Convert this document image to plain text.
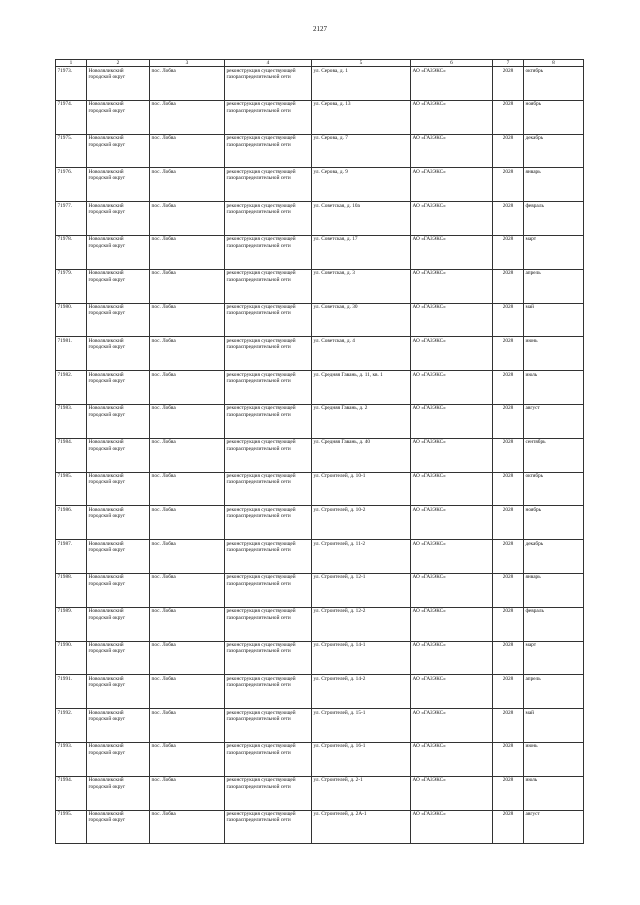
2127
1	2	3	4	5	6	7	8
71973.	Новоляликский городской округ	пос. Лобва	реконструкция существующей газораспределительной сети	ул. Серова, д. 1	АО «ГАЗЭКС»	2028	октябрь
71974.	Новоляликский городской округ	пос. Лобва	реконструкция существующей газораспределительной сети	ул. Серова, д. 13	АО «ГАЗЭКС»	2028	ноябрь
71975.	Новоляликский городской округ	пос. Лобва	реконструкция существующей газораспределительной сети	ул. Серова, д. 7	АО «ГАЗЭКС»	2028	декабрь
71976.	Новоляликский городской округ	пос. Лобва	реконструкция существующей газораспределительной сети	ул. Серова, д. 9	АО «ГАЗЭКС»	2028	январь
71977.	Новоляликский городской округ	пос. Лобва	реконструкция существующей газораспределительной сети	ул. Советская, д. 10а	АО «ГАЗЭКС»	2028	февраль
71978.	Новоляликский городской округ	пос. Лобва	реконструкция существующей газораспределительной сети	ул. Советская, д. 17	АО «ГАЗЭКС»	2028	март
71979.	Новоляликский городской округ	пос. Лобва	реконструкция существующей газораспределительной сети	ул. Советская, д. 3	АО «ГАЗЭКС»	2028	апрель
71980.	Новоляликский городской округ	пос. Лобва	реконструкция существующей газораспределительной сети	ул. Советская, д. 30	АО «ГАЗЭКС»	2028	май
71981.	Новоляликский городской округ	пос. Лобва	реконструкция существующей газораспределительной сети	ул. Советская, д. 4	АО «ГАЗЭКС»	2028	июнь
71982.	Новоляликский городской округ	пос. Лобва	реконструкция существующей газораспределительной сети	ул. Средняя Гавань, д. 11, кв. 1	АО «ГАЗЭКС»	2028	июль
71983.	Новоляликский городской округ	пос. Лобва	реконструкция существующей газораспределительной сети	ул. Средняя Гавань, д. 2	АО «ГАЗЭКС»	2028	август
71984.	Новоляликский городской округ	пос. Лобва	реконструкция существующей газораспределительной сети	ул. Средняя Гавань, д. 40	АО «ГАЗЭКС»	2028	сентябрь
71985.	Новоляликский городской округ	пос. Лобва	реконструкция существующей газораспределительной сети	ул. Строителей, д. 10-1	АО «ГАЗЭКС»	2028	октябрь
71986.	Новоляликский городской округ	пос. Лобва	реконструкция существующей газораспределительной сети	ул. Строителей, д. 10-2	АО «ГАЗЭКС»	2028	ноябрь
71987.	Новоляликский городской округ	пос. Лобва	реконструкция существующей газораспределительной сети	ул. Строителей, д. 11-2	АО «ГАЗЭКС»	2028	декабрь
71988.	Новоляликский городской округ	пос. Лобва	реконструкция существующей газораспределительной сети	ул. Строителей, д. 12-1	АО «ГАЗЭКС»	2028	январь
71989.	Новоляликский городской округ	пос. Лобва	реконструкция существующей газораспределительной сети	ул. Строителей, д. 12-2	АО «ГАЗЭКС»	2028	февраль
71990.	Новоляликский городской округ	пос. Лобва	реконструкция существующей газораспределительной сети	ул. Строителей, д. 14-1	АО «ГАЗЭКС»	2028	март
71991.	Новоляликский городской округ	пос. Лобва	реконструкция существующей газораспределительной сети	ул. Строителей, д. 14-2	АО «ГАЗЭКС»	2028	апрель
71992.	Новоляликский городской округ	пос. Лобва	реконструкция существующей газораспределительной сети	ул. Строителей, д. 15-1	АО «ГАЗЭКС»	2028	май
71993.	Новоляликский городской округ	пос. Лобва	реконструкция существующей газораспределительной сети	ул. Строителей, д. 16-1	АО «ГАЗЭКС»	2028	июнь
71994.	Новоляликский городской округ	пос. Лобва	реконструкция существующей газораспределительной сети	ул. Строителей, д. 2-1	АО «ГАЗЭКС»	2028	июль
71995.	Новоляликский городской округ	пос. Лобва	реконструкция существующей газораспределительной сети	ул. Строителей, д. 2А-1	АО «ГАЗЭКС»	2028	август
